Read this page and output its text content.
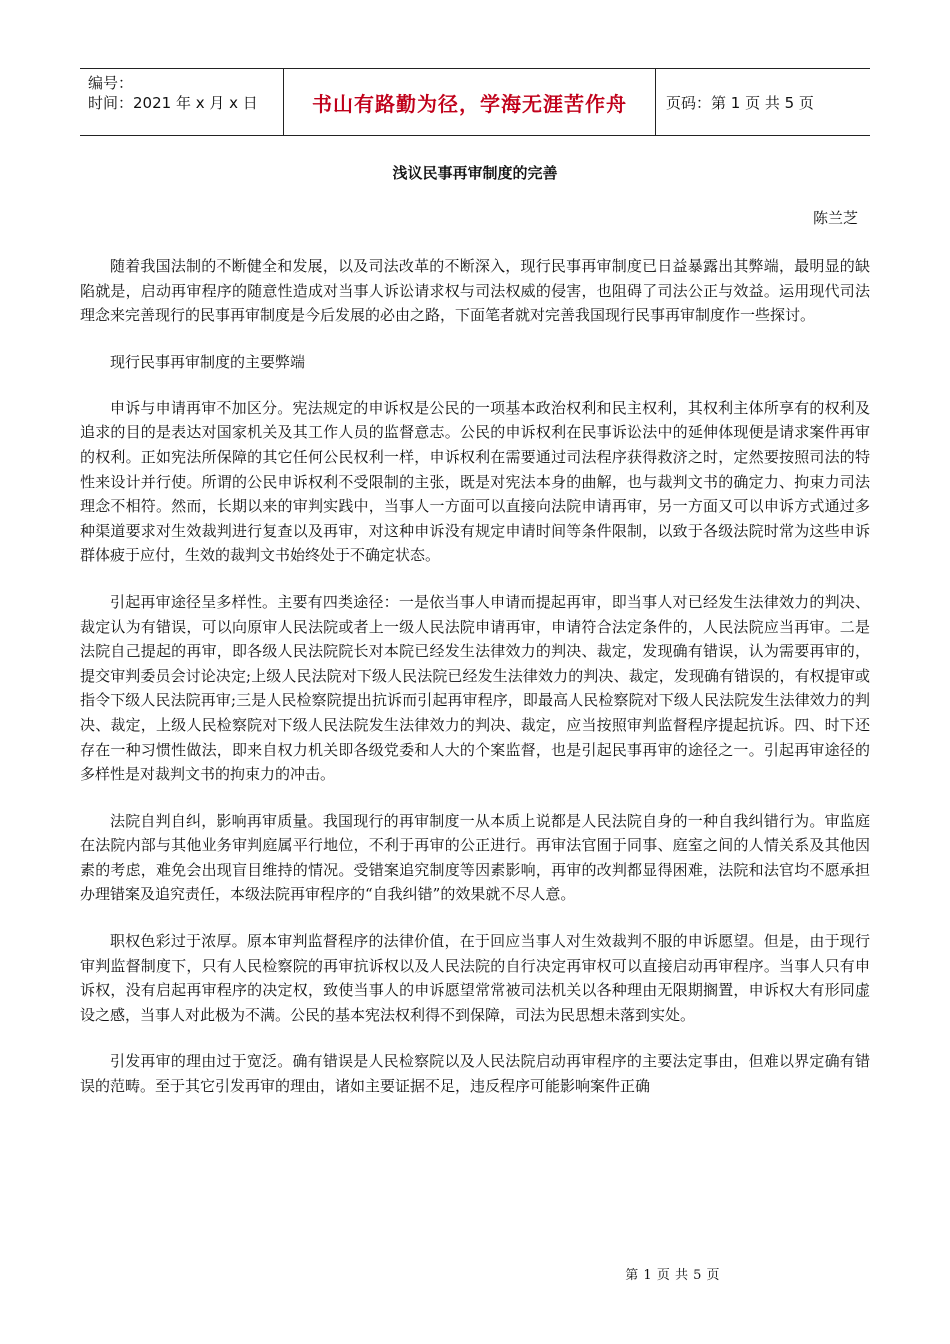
编号：
时间：2021 年 x 月 x 日	书山有路勤为径，学海无涯苦作舟	页码：第 1 页 共 5 页
浅议民事再审制度的完善
陈兰芝

随着我国法制的不断健全和发展，以及司法改革的不断深入，现行民事再审制度已日益暴露出其弊端，最明显的缺陷就是，启动再审程序的随意性造成对当事人诉讼请求权与司法权威的侵害，也阻碍了司法公正与效益。运用现代司法理念来完善现行的民事再审制度是今后发展的必由之路，下面笔者就对完善我国现行民事再审制度作一些探讨。

现行民事再审制度的主要弊端

申诉与申请再审不加区分。宪法规定的申诉权是公民的一项基本政治权利和民主权利，其权利主体所享有的权利及追求的目的是表达对国家机关及其工作人员的监督意志。公民的申诉权利在民事诉讼法中的延伸体现便是请求案件再审的权利。正如宪法所保障的其它任何公民权利一样，申诉权利在需要通过司法程序获得救济之时，定然要按照司法的特性来设计并行使。所谓的公民申诉权利不受限制的主张，既是对宪法本身的曲解，也与裁判文书的确定力、拘束力司法理念不相符。然而，长期以来的审判实践中，当事人一方面可以直接向法院申请再审，另一方面又可以申诉方式通过多种渠道要求对生效裁判进行复查以及再审，对这种申诉没有规定申请时间等条件限制，以致于各级法院时常为这些申诉群体疲于应付，生效的裁判文书始终处于不确定状态。

引起再审途径呈多样性。主要有四类途径：一是依当事人申请而提起再审，即当事人对已经发生法律效力的判决、裁定认为有错误，可以向原审人民法院或者上一级人民法院申请再审，申请符合法定条件的，人民法院应当再审。二是法院自己提起的再审，即各级人民法院院长对本院已经发生法律效力的判决、裁定，发现确有错误，认为需要再审的，提交审判委员会讨论决定;上级人民法院对下级人民法院已经发生法律效力的判决、裁定，发现确有错误的，有权提审或指令下级人民法院再审;三是人民检察院提出抗诉而引起再审程序，即最高人民检察院对下级人民法院发生法律效力的判决、裁定，上级人民检察院对下级人民法院发生法律效力的判决、裁定，应当按照审判监督程序提起抗诉。四、时下还存在一种习惯性做法，即来自权力机关即各级党委和人大的个案监督，也是引起民事再审的途径之一。引起再审途径的多样性是对裁判文书的拘束力的冲击。

法院自判自纠，影响再审质量。我国现行的再审制度一从本质上说都是人民法院自身的一种自我纠错行为。审监庭在法院内部与其他业务审判庭属平行地位，不利于再审的公正进行。再审法官囿于同事、庭室之间的人情关系及其他因素的考虑，难免会出现盲目维持的情况。受错案追究制度等因素影响，再审的改判都显得困难，法院和法官均不愿承担办理错案及追究责任，本级法院再审程序的“自我纠错”的效果就不尽人意。

职权色彩过于浓厚。原本审判监督程序的法律价值，在于回应当事人对生效裁判不服的申诉愿望。但是，由于现行审判监督制度下，只有人民检察院的再审抗诉权以及人民法院的自行决定再审权可以直接启动再审程序。当事人只有申诉权，没有启起再审程序的决定权，致使当事人的申诉愿望常常被司法机关以各种理由无限期搁置，申诉权大有形同虚设之感，当事人对此极为不满。公民的基本宪法权利得不到保障，司法为民思想未落到实处。

引发再审的理由过于宽泛。确有错误是人民检察院以及人民法院启动再审程序的主要法定事由，但难以界定确有错误的范畴。至于其它引发再审的理由，诸如主要证据不足，违反程序可能影响案件正确

第 1 页 共 5 页
